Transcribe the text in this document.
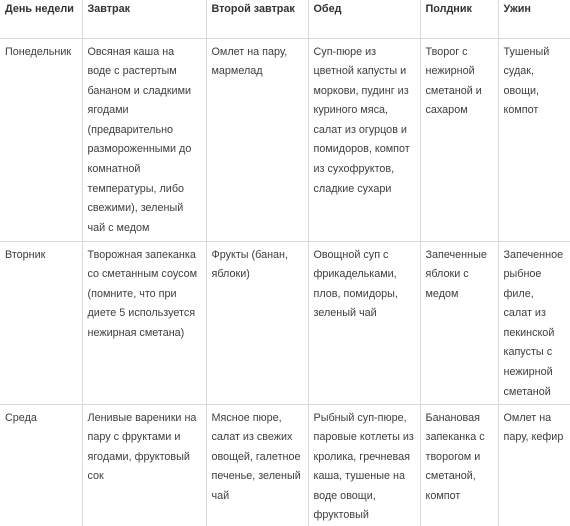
День недели	Завтрак	Второй завтрак	Обед	Полдник	Ужин
Понедельник	Овсяная каша на воде с растертым бананом и сладкими ягодами (предварительно размороженными до комнатной температуры, либо свежими), зеленый чай с медом	Омлет на пару, мармелад	Суп-пюре из цветной капусты и моркови, пудинг из куриного мяса, салат из огурцов и помидоров, компот из сухофруктов, сладкие сухари	Творог с нежирной сметаной и сахаром	Тушеный судак, овощи, компот
Вторник	Творожная запеканка со сметанным соусом (помните, что при диете 5 используется нежирная сметана)	Фрукты (банан, яблоки)	Овощной суп с фрикадельками, плов, помидоры, зеленый чай	Запеченные яблоки с медом	Запеченное рыбное филе, салат из пекинской капусты с нежирной сметаной
Среда	Ленивые вареники на пару с фруктами и ягодами, фруктовый сок	Мясное пюре, салат из свежих овощей, галетное печенье, зеленый чай	Рыбный суп-пюре, паровые котлеты из кролика, гречневая каша, тушеные на воде овощи, фруктовый	Банановая запеканка с творогом и сметаной, компот	Омлет на пару, кефир
